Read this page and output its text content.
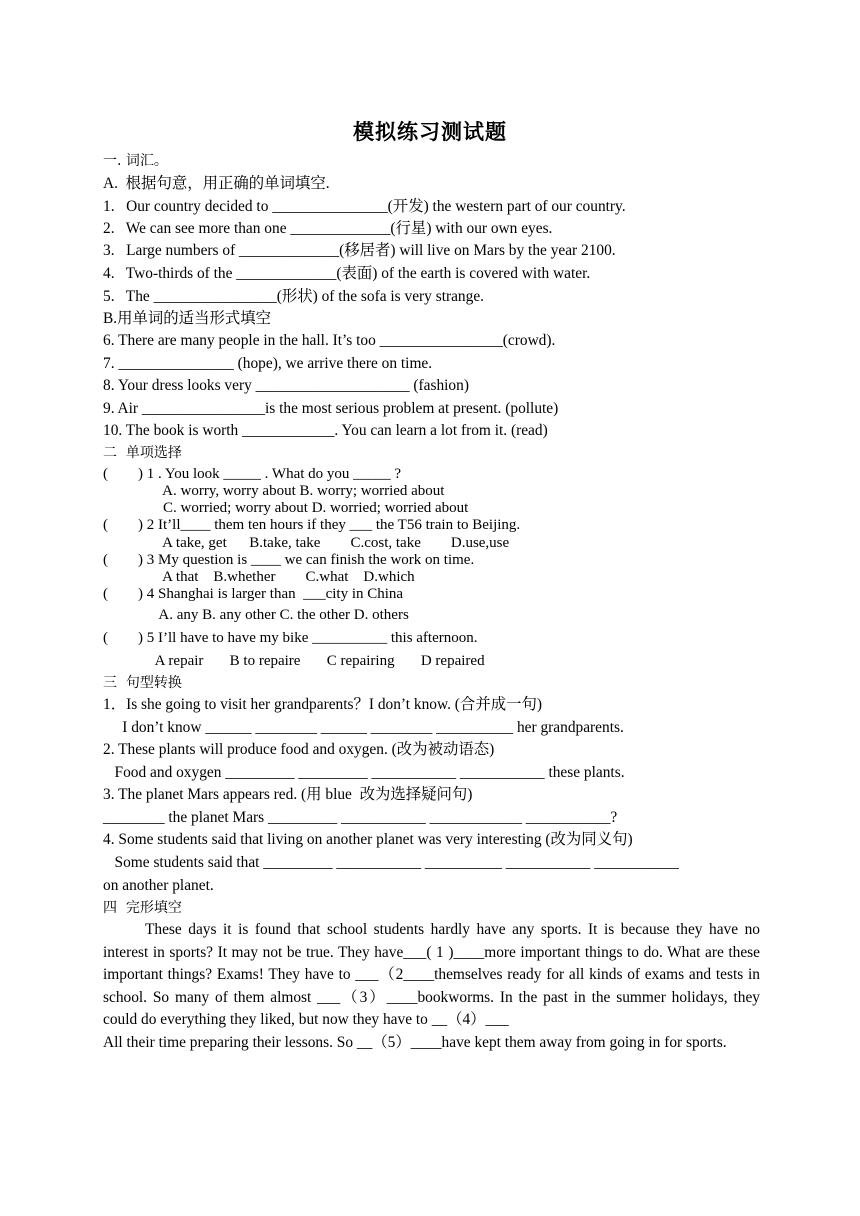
模拟练习测试题
一. 词汇。
A.  根据句意，用正确的单词填空.
1.   Our country decided to _______________(开发) the western part of our country.
2.   We can see more than one _____________(行星) with our own eyes.
3.   Large numbers of _____________(移居者) will live on Mars by the year 2100.
4.   Two-thirds of the _____________(表面) of the earth is covered with water.
5.   The ________________(形状) of the sofa is very strange.
B.用单词的适当形式填空
6. There are many people in the hall. It’s too ________________(crowd).
7. _______________ (hope), we arrive there on time.
8. Your dress looks very ____________________ (fashion)
9. Air ________________is the most serious problem at present. (pollute)
10. The book is worth ____________. You can learn a lot from it. (read)
二  单项选择
(        ) 1 . You look _____ . What do you _____ ?
A. worry, worry about B. worry; worried about
C. worried; worry about D. worried; worried about
(        ) 2 It’ll____ them ten hours if they ___ the T56 train to Beijing.
A take, get      B.take, take        C.cost, take        D.use,use
(        ) 3 My question is ____ we can finish the work on time.
A that    B.whether        C.what    D.which
(        ) 4 Shanghai is larger than  ___city in China
A. any B. any other C. the other D. others
(        ) 5 I’ll have to have my bike __________ this afternoon.
A repair       B to repaire       C repairing       D repaired
三  句型转换
1．Is she going to visit her grandparents？I don’t know. (合并成一句)
I don’t know ______ ________ ______ ________ __________ her grandparents.
2. These plants will produce food and oxygen. (改为被动语态)
Food and oxygen _________ _________ ___________ ___________ these plants.
3. The planet Mars appears red. (用 blue  改为选择疑问句)
________ the planet Mars _________ ___________ ____________ ___________?
4. Some students said that living on another planet was very interesting (改为同义句)
Some students said that _________ ___________ __________ ___________ ___________
on another planet.
四  完形填空

These days it is found that school students hardly have any sports. It is because they have no interest in sports? It may not be true. They have___( 1 )____more important things to do. What are these important things? Exams! They have to ___（2____themselves ready for all kinds of exams and tests in school. So many of them almost ___（3）____bookworms. In the past in the summer holidays, they could do everything they liked, but now they have to __（4）___

All their time preparing their lessons. So __（5）____have kept them away from going in for sports.
